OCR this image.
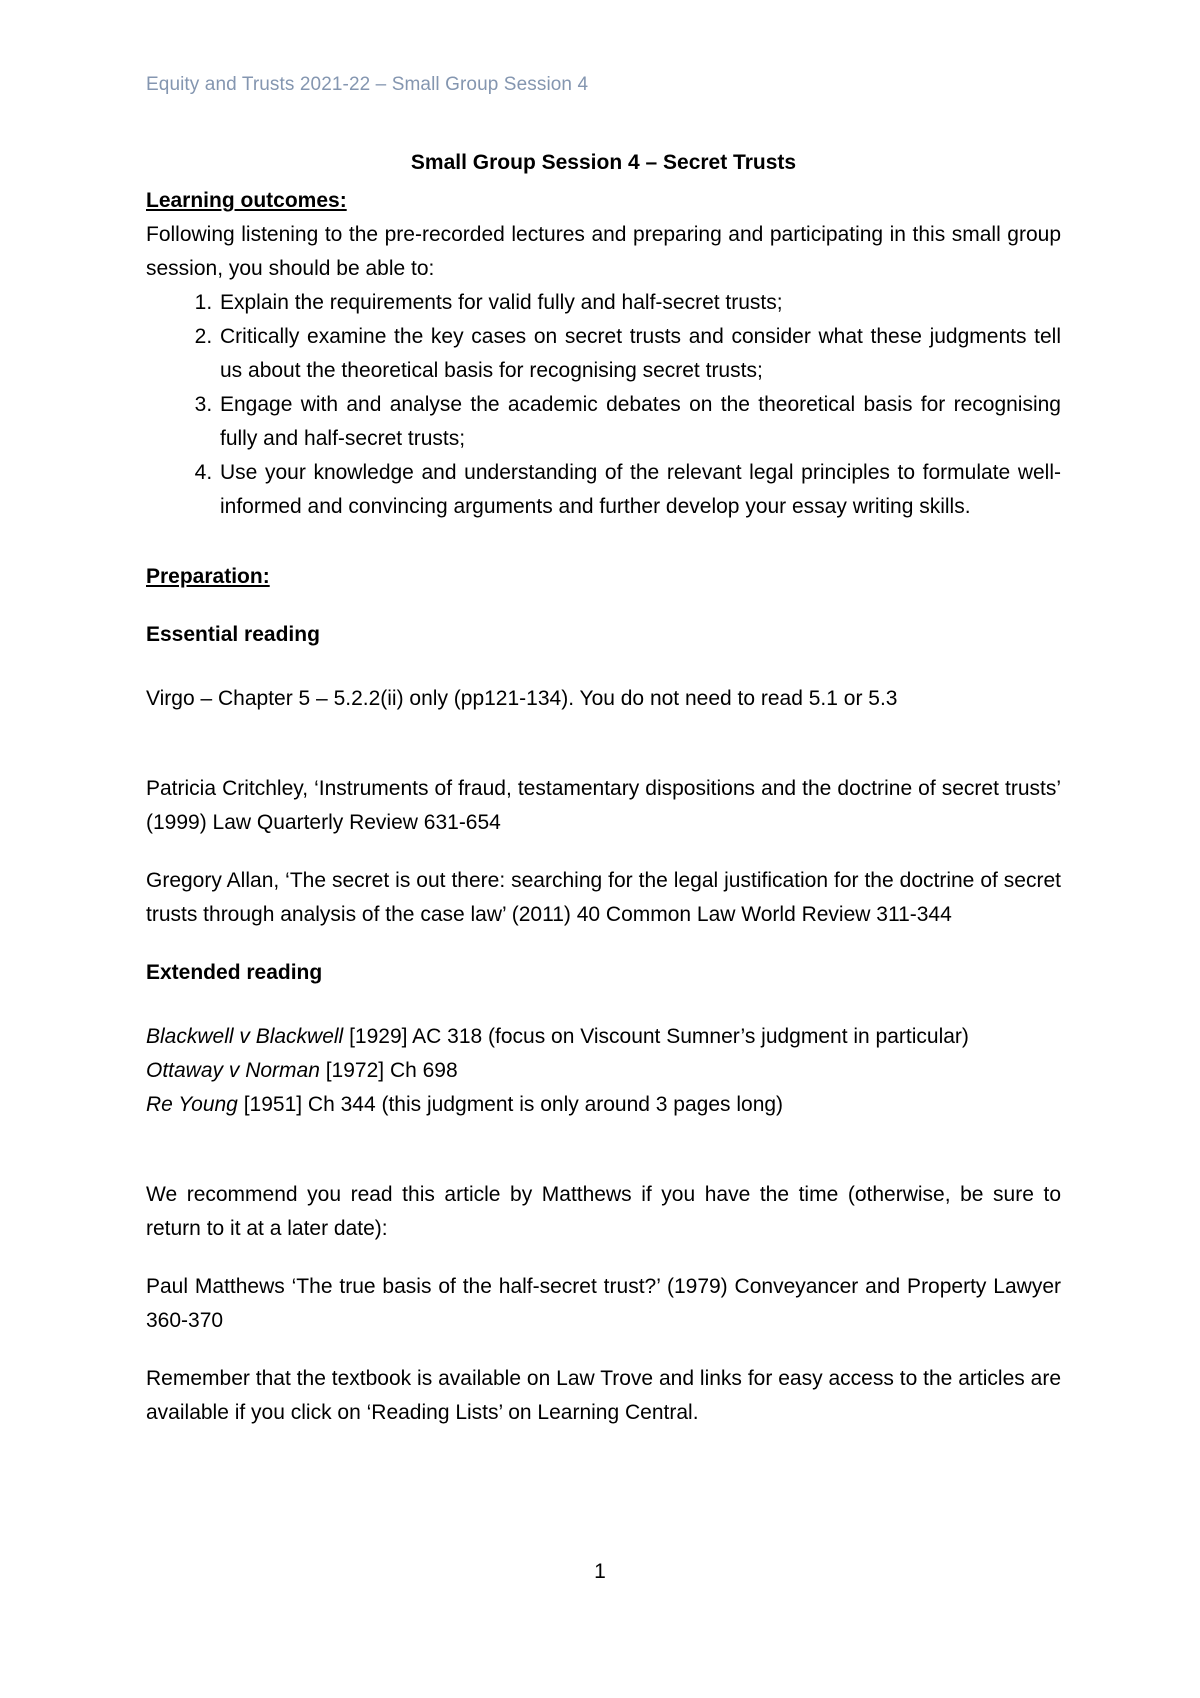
Equity and Trusts 2021-22 – Small Group Session 4

Small Group Session 4 – Secret Trusts

Learning outcomes:

Following listening to the pre-recorded lectures and preparing and participating in this small group session, you should be able to:

1. Explain the requirements for valid fully and half-secret trusts;
2. Critically examine the key cases on secret trusts and consider what these judgments tell us about the theoretical basis for recognising secret trusts;
3. Engage with and analyse the academic debates on the theoretical basis for recognising fully and half-secret trusts;
4. Use your knowledge and understanding of the relevant legal principles to formulate well-informed and convincing arguments and further develop your essay writing skills.

Preparation:

Essential reading

Virgo – Chapter 5 – 5.2.2(ii) only (pp121-134). You do not need to read 5.1 or 5.3

Patricia Critchley, ‘Instruments of fraud, testamentary dispositions and the doctrine of secret trusts’ (1999) Law Quarterly Review 631-654

Gregory Allan, ‘The secret is out there: searching for the legal justification for the doctrine of secret trusts through analysis of the case law’ (2011) 40 Common Law World Review 311-344

Extended reading

Blackwell v Blackwell [1929] AC 318 (focus on Viscount Sumner’s judgment in particular)

Ottaway v Norman [1972] Ch 698

Re Young [1951] Ch 344 (this judgment is only around 3 pages long)

We recommend you read this article by Matthews if you have the time (otherwise, be sure to return to it at a later date):

Paul Matthews ‘The true basis of the half-secret trust?’ (1979) Conveyancer and Property Lawyer 360-370

Remember that the textbook is available on Law Trove and links for easy access to the articles are available if you click on ‘Reading Lists’ on Learning Central.

1
